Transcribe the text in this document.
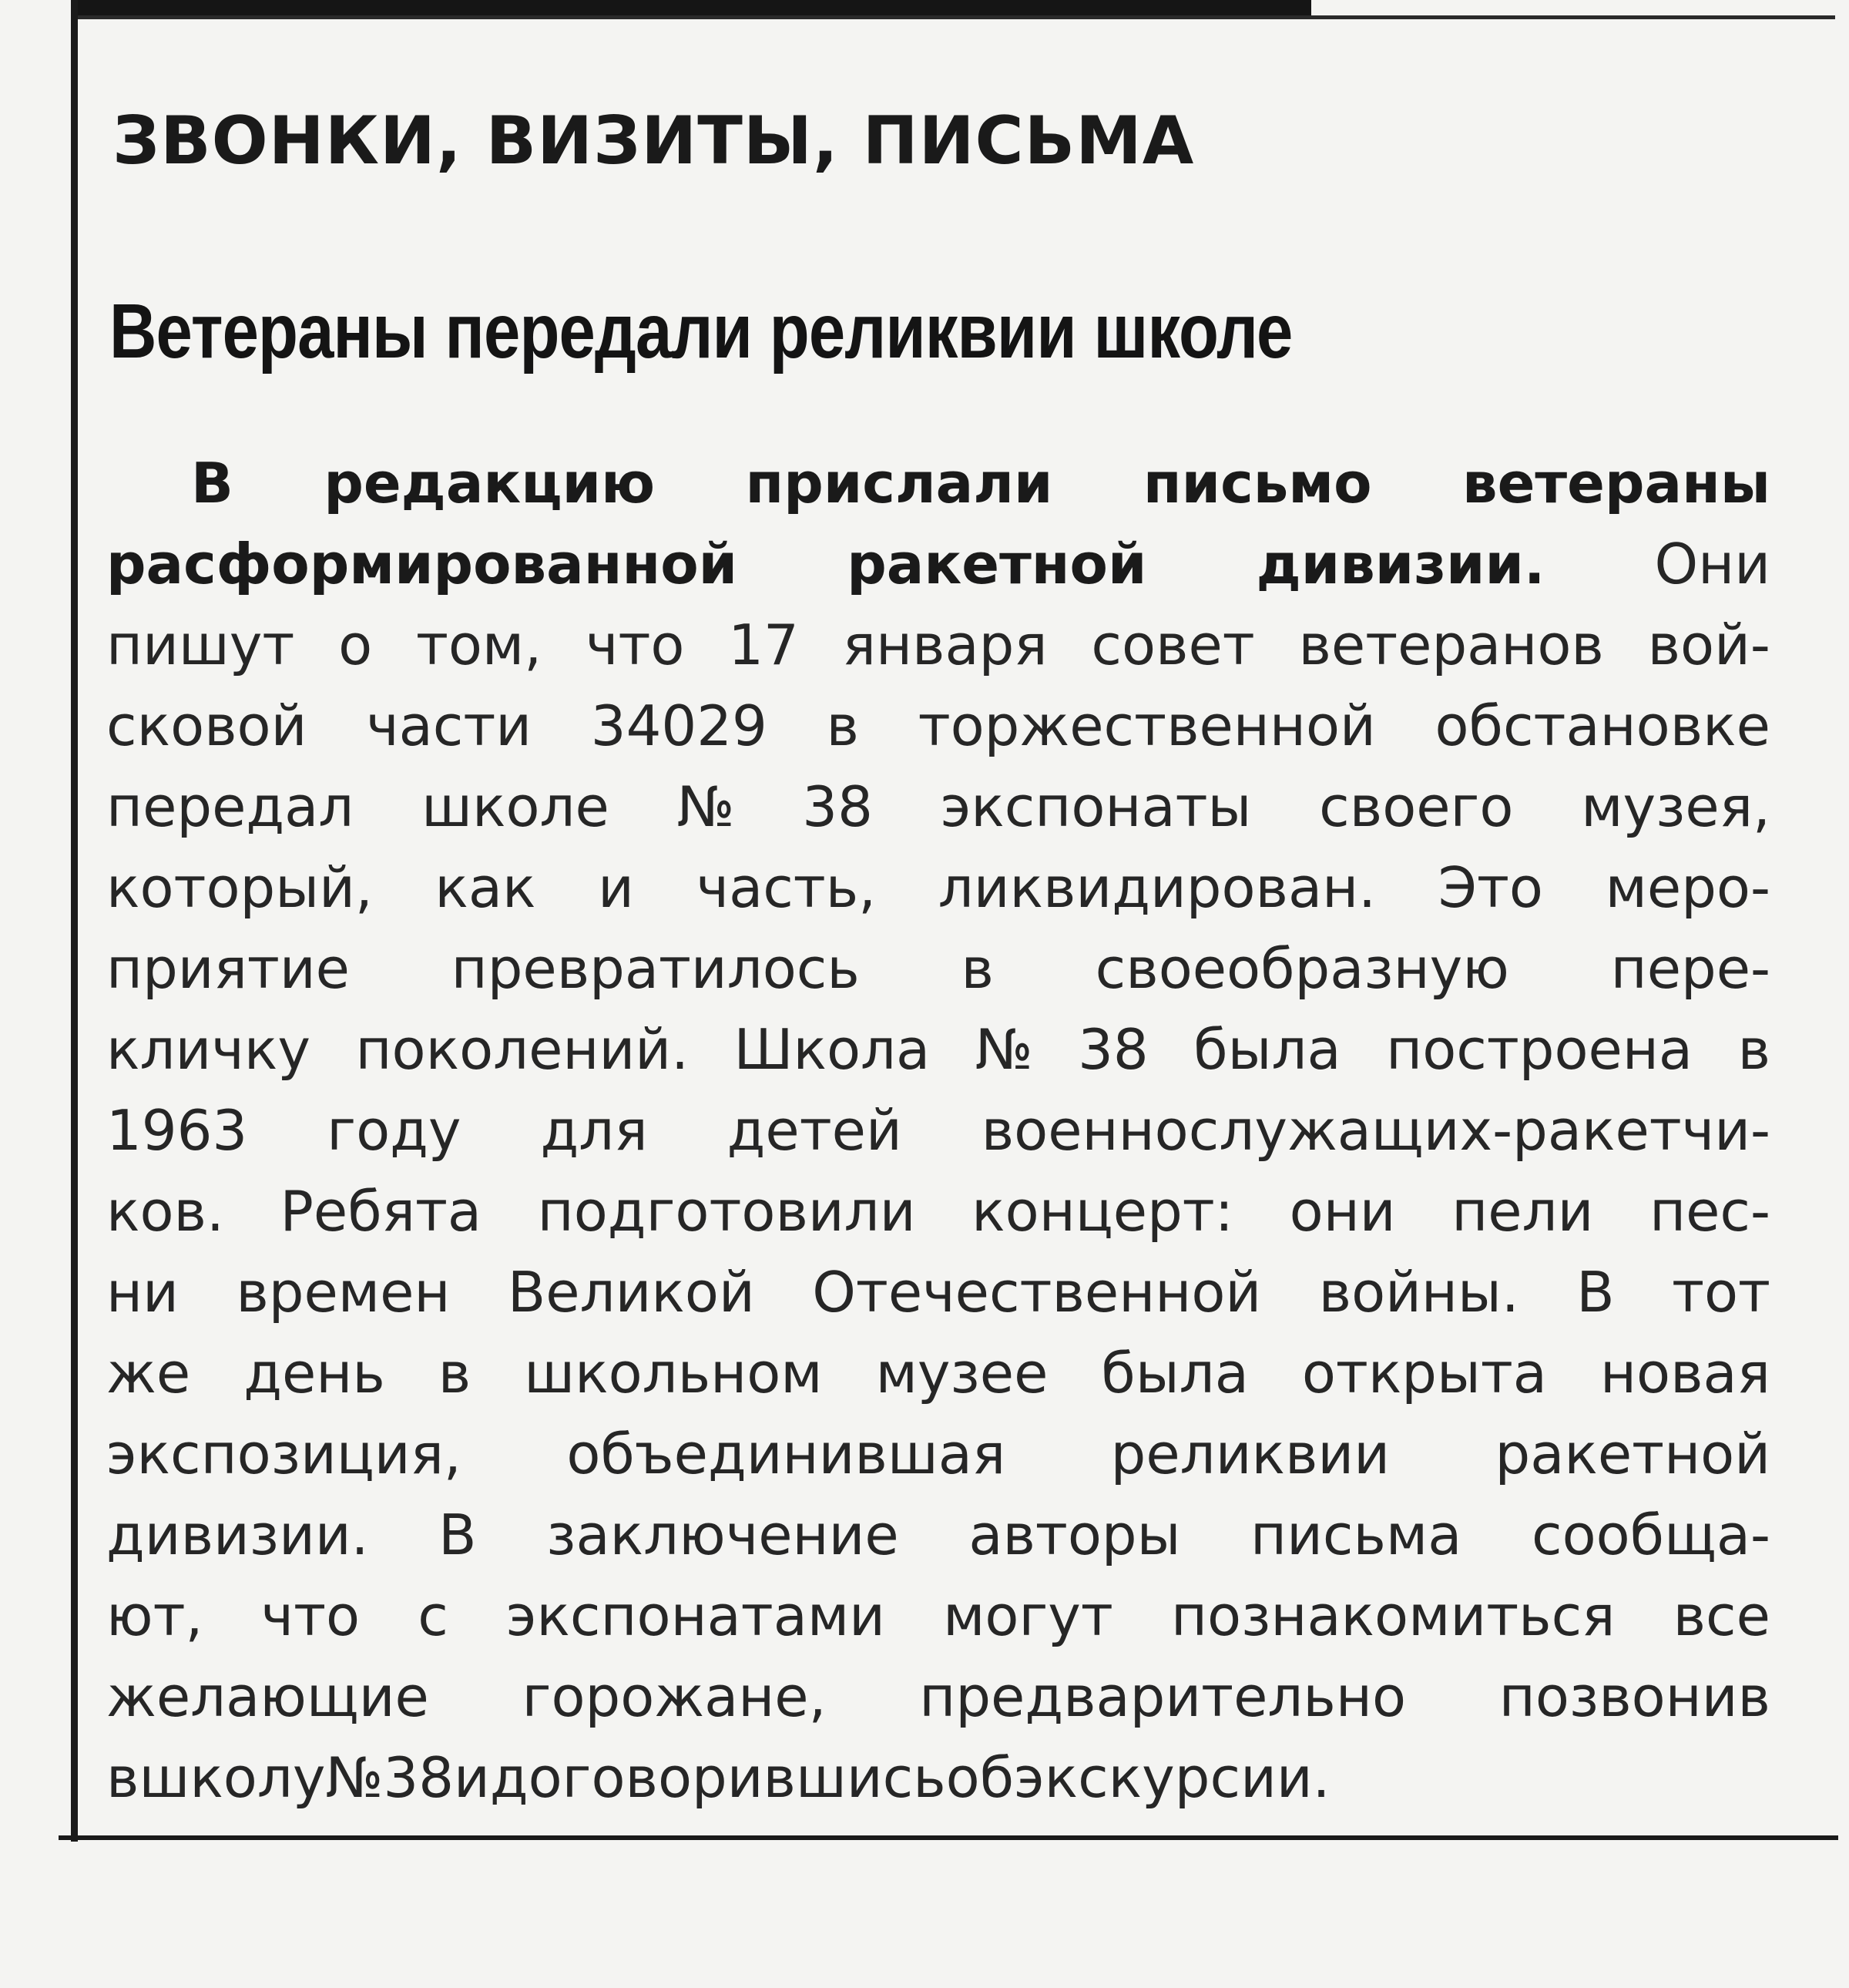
ЗВОНКИ, ВИЗИТЫ, ПИСЬМА
Ветераны передали реликвии школе
В редакцию прислали письмо ветераны
расформированной ракетной дивизии. Они
пишут о том, что 17 января совет ветеранов вой-
сковой части 34029 в торжественной обстановке
передал школе № 38 экспонаты своего музея,
который, как и часть, ликвидирован. Это меро-
приятие превратилось в своеобразную пере-
кличку поколений. Школа № 38 была построена в
1963 году для детей военнослужащих-ракетчи-
ков. Ребята подготовили концерт: они пели пес-
ни времен Великой Отечественной войны. В тот
же день в школьном музее была открыта новая
экспозиция, объединившая реликвии ракетной
дивизии. В заключение авторы письма сообща-
ют, что с экспонатами могут познакомиться все
желающие горожане, предварительно позвонив
в школу № 38 и договорившись об экскурсии.
